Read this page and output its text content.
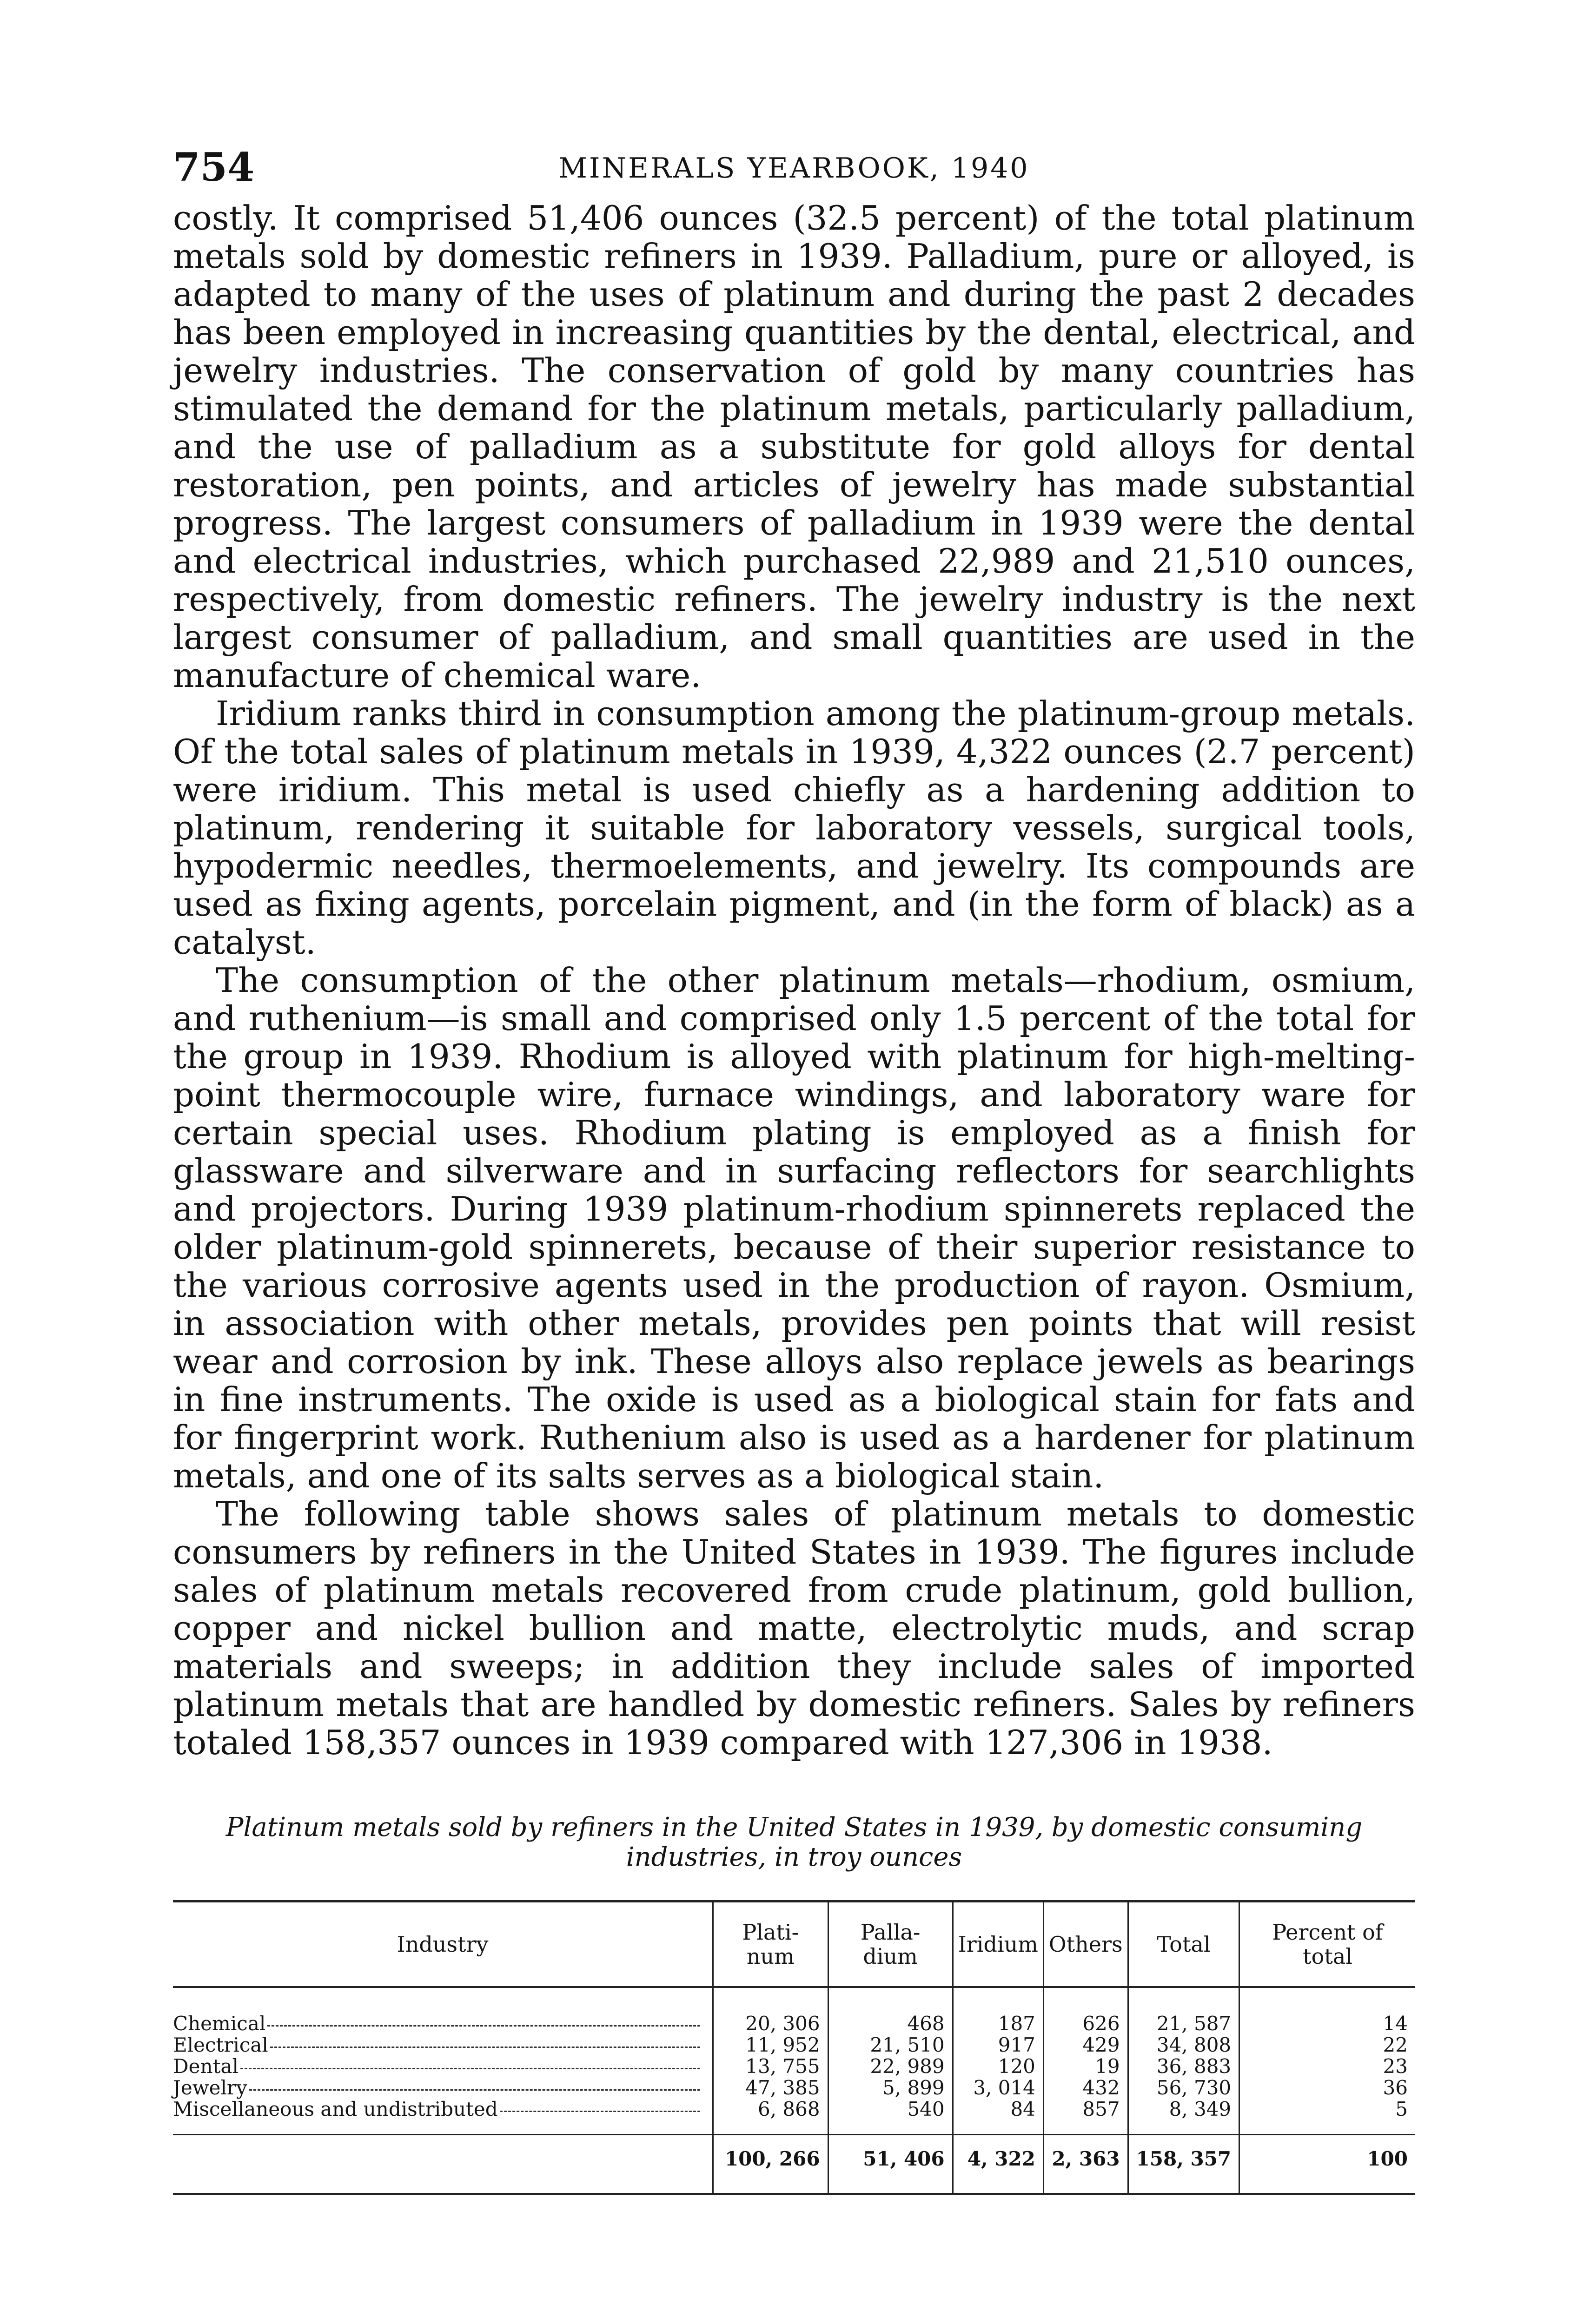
754	MINERALS YEARBOOK, 1940

costly. It comprised 51,406 ounces (32.5 percent) of the total platinum metals sold by domestic refiners in 1939. Palladium, pure or alloyed, is adapted to many of the uses of platinum and during the past 2 decades has been employed in increasing quantities by the dental, electrical, and jewelry industries. The conservation of gold by many countries has stimulated the demand for the platinum metals, particularly palladium, and the use of palladium as a substitute for gold alloys for dental restoration, pen points, and articles of jewelry has made substantial progress. The largest consumers of palladium in 1939 were the dental and electrical industries, which purchased 22,989 and 21,510 ounces, respectively, from domestic refiners. The jewelry industry is the next largest consumer of palladium, and small quantities are used in the manufacture of chemical ware.

Iridium ranks third in consumption among the platinum-group metals. Of the total sales of platinum metals in 1939, 4,322 ounces (2.7 percent) were iridium. This metal is used chiefly as a hardening addition to platinum, rendering it suitable for laboratory vessels, surgical tools, hypodermic needles, thermoelements, and jewelry. Its compounds are used as fixing agents, porcelain pigment, and (in the form of black) as a catalyst.

The consumption of the other platinum metals—rhodium, osmium, and ruthenium—is small and comprised only 1.5 percent of the total for the group in 1939. Rhodium is alloyed with platinum for high-melting-point thermocouple wire, furnace windings, and laboratory ware for certain special uses. Rhodium plating is employed as a finish for glassware and silverware and in surfacing reflectors for searchlights and projectors. During 1939 platinum-rhodium spinnerets replaced the older platinum-gold spinnerets, because of their superior resistance to the various corrosive agents used in the production of rayon. Osmium, in association with other metals, provides pen points that will resist wear and corrosion by ink. These alloys also replace jewels as bearings in fine instruments. The oxide is used as a biological stain for fats and for fingerprint work. Ruthenium also is used as a hardener for platinum metals, and one of its salts serves as a biological stain.

The following table shows sales of platinum metals to domestic consumers by refiners in the United States in 1939. The figures include sales of platinum metals recovered from crude platinum, gold bullion, copper and nickel bullion and matte, electrolytic muds, and scrap materials and sweeps; in addition they include sales of imported platinum metals that are handled by domestic refiners. Sales by refiners totaled 158,357 ounces in 1939 compared with 127,306 in 1938.

Platinum metals sold by refiners in the United States in 1939, by domestic consuming industries, in troy ounces
Industry	Plati-num	Palla-dium	Iridium	Others	Total	Percent of total

Chemical	20, 306	468	187	626	21, 587	14

Electrical	11, 952	21, 510	917	429	34, 808	22

Dental	13, 755	22, 989	120	19	36, 883	23

Jewelry	47, 385	5, 899	3, 014	432	56, 730	36

Miscellaneous and undistributed	6, 868	540	84	857	8, 349	5
	100, 266	51, 406	4, 322	2, 363	158, 357	100
